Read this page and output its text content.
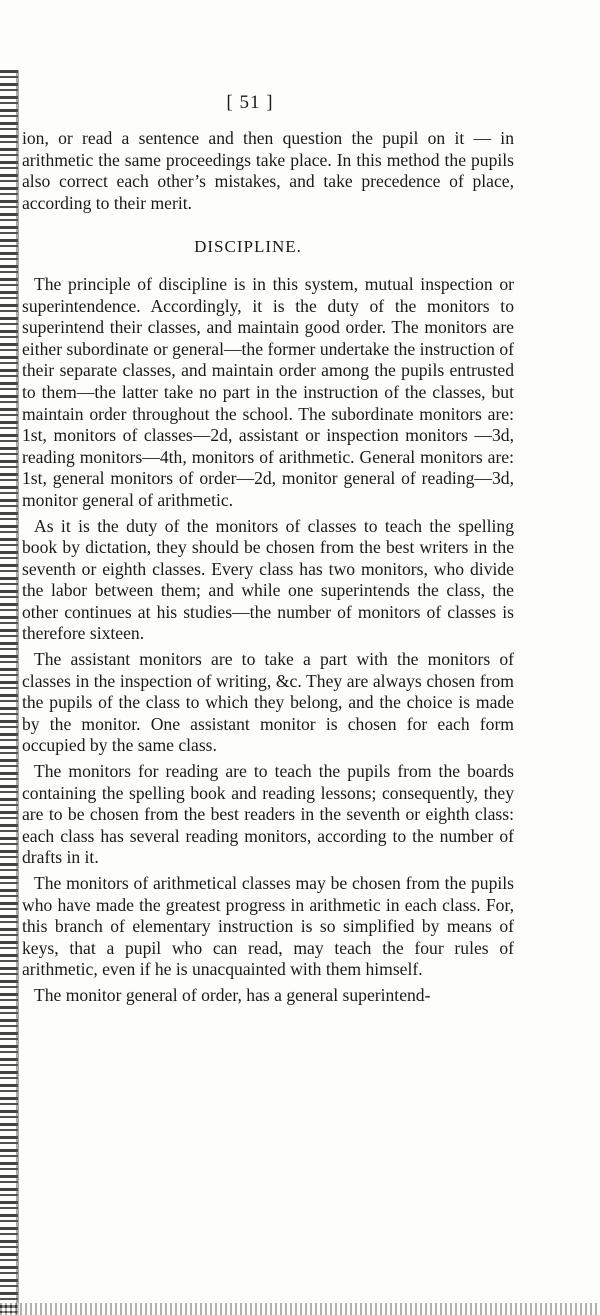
[ 51 ]

ion, or read a sentence and then question the pupil on it — in arithmetic the same proceedings take place. In this method the pupils also correct each other’s mistakes, and take precedence of place, according to their merit.

DISCIPLINE.

The principle of discipline is in this system, mutual inspection or superintendence. Accordingly, it is the duty of the monitors to superintend their classes, and maintain good order. The monitors are either subordinate or general—the former undertake the instruction of their separate classes, and maintain order among the pupils entrusted to them—the latter take no part in the instruction of the classes, but maintain order throughout the school. The subordinate monitors are: 1st, monitors of classes—2d, assistant or inspection monitors —3d, reading monitors—4th, monitors of arithmetic. General monitors are: 1st, general monitors of order—2d, monitor general of reading—3d, monitor general of arithmetic.

As it is the duty of the monitors of classes to teach the spelling book by dictation, they should be chosen from the best writers in the seventh or eighth classes. Every class has two monitors, who divide the labor between them; and while one superintends the class, the other continues at his studies—the number of monitors of classes is therefore sixteen.

The assistant monitors are to take a part with the monitors of classes in the inspection of writing, &c. They are always chosen from the pupils of the class to which they belong, and the choice is made by the monitor. One assistant monitor is chosen for each form occupied by the same class.

The monitors for reading are to teach the pupils from the boards containing the spelling book and reading lessons; consequently, they are to be chosen from the best readers in the seventh or eighth class: each class has several reading monitors, according to the number of drafts in it.

The monitors of arithmetical classes may be chosen from the pupils who have made the greatest progress in arithmetic in each class. For, this branch of elementary instruction is so simplified by means of keys, that a pupil who can read, may teach the four rules of arithmetic, even if he is unacquainted with them himself.

The monitor general of order, has a general superintend-
